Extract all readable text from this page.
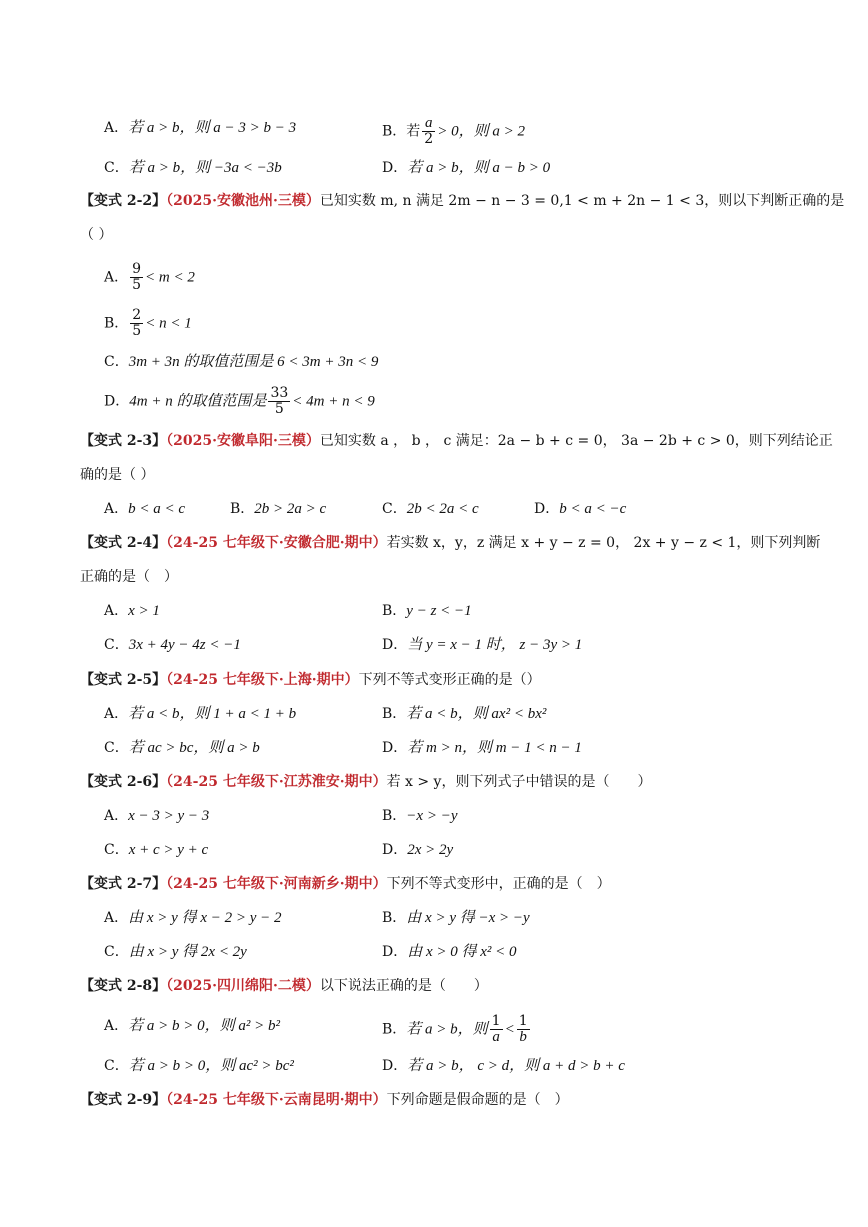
A．若 a > b，则 a − 3 > b − 3	B．若 $\frac{a}{2} > 0$，则 a > 2
C．若 a > b，则 −3a < −3b	D．若 a > b，则 a − b > 0
【变式 2-2】（2025·安徽池州·三模）已知实数 m, n 满足 2m − n − 3 = 0,1 < m + 2n − 1 < 3，则以下判断正确的是
（ ）
A． $\frac{9}{5} < m < 2$
B． $\frac{2}{5} < n < 1$
C．3m + 3n 的取值范围是 6 < 3m + 3n < 9
D．4m + n 的取值范围是 $\frac{33}{5} < 4m + n < 9$
【变式 2-3】（2025·安徽阜阳·三模）已知实数 a ， b ， c 满足：2a − b + c = 0， 3a − 2b + c > 0，则下列结论正
确的是（ ）
A．b < a < c	B．2b > 2a > c	C．2b < 2a < c	D．b < a < −c
【变式 2-4】（24-25 七年级下·安徽合肥·期中）若实数 x，y，z 满足 x + y − z = 0， 2x + y − z < 1，则下列判断
正确的是（　）
A．x > 1	B．y − z < −1
C．3x + 4y − 4z < −1	D．当 y = x − 1 时， z − 3y > 1
【变式 2-5】（24-25 七年级下·上海·期中）下列不等式变形正确的是（）
A．若 a < b，则 1 + a < 1 + b	B．若 a < b，则 ax² < bx²
C．若 ac > bc，则 a > b	D．若 m > n，则 m − 1 < n − 1
【变式 2-6】（24-25 七年级下·江苏淮安·期中）若 x > y，则下列式子中错误的是（　　）
A．x − 3 > y − 3	B．−x > −y
C．x + c > y + c	D．2x > 2y
【变式 2-7】（24-25 七年级下·河南新乡·期中）下列不等式变形中，正确的是（　）
A．由 x > y 得 x − 2 > y − 2	B．由 x > y 得 −x > −y
C．由 x > y 得 2x < 2y	D．由 x > 0 得 x² < 0
【变式 2-8】（2025·四川绵阳·二模）以下说法正确的是（　　）
A．若 a > b > 0，则 a² > b²	B．若 a > b，则 $\frac{1}{a} < \frac{1}{b}$
C．若 a > b > 0，则 ac² > bc²	D．若 a > b， c > d，则 a + d > b + c
【变式 2-9】（24-25 七年级下·云南昆明·期中）下列命题是假命题的是（　）
